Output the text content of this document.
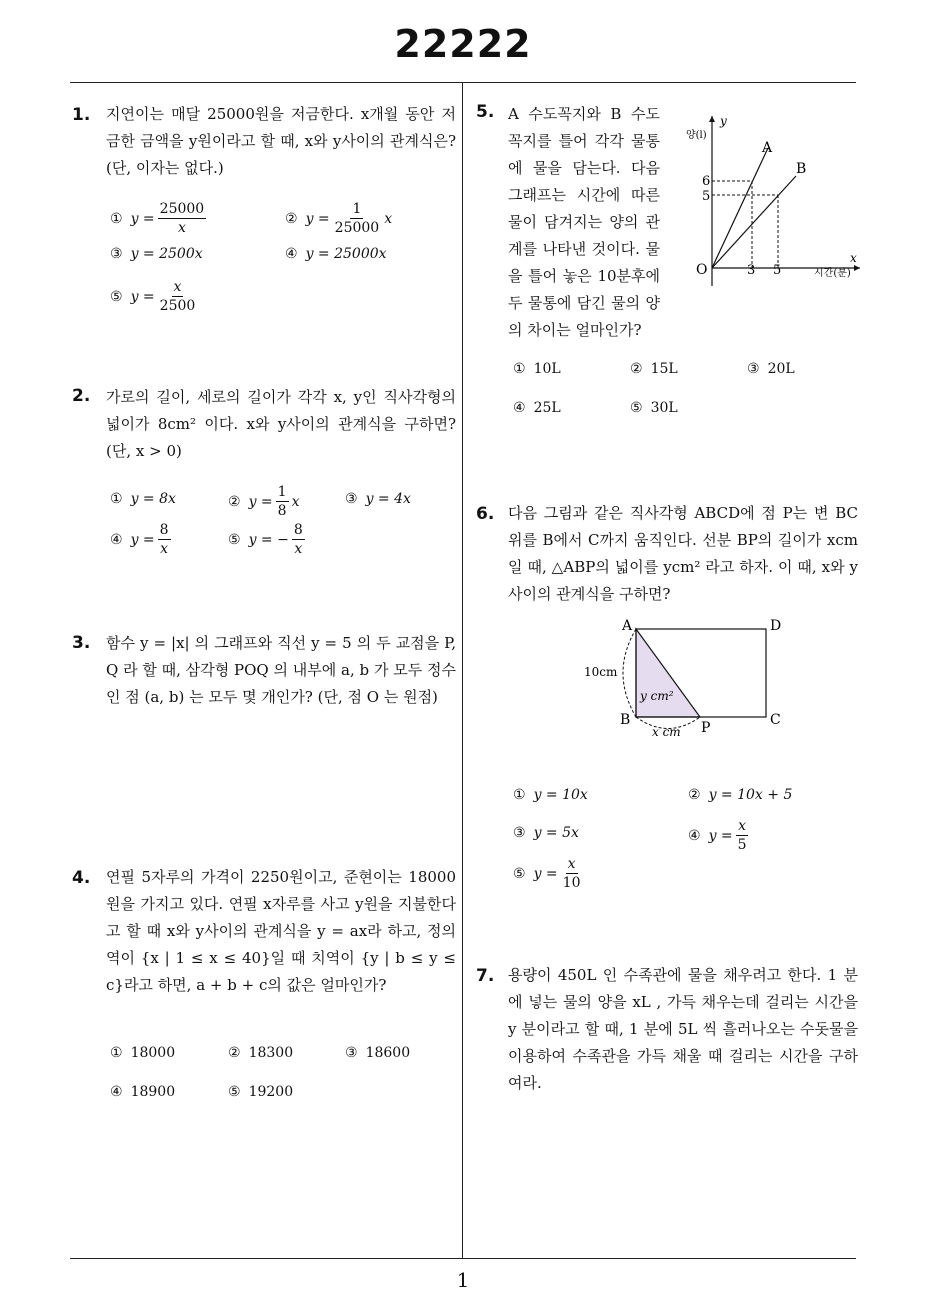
22222
1
1. 지연이는 매달 25000원을 저금한다. x개월 동안 저금한 금액을 y원이라고 할 때, x와 y사이의 관계식은?(단, 이자는 없다.)
① $y = \frac{25000}{x}$	② $y = \frac{1}{25000}$ x
③ y = 2500x	④ y = 25000x
⑤ $y = \frac{x}{2500}$
2. 가로의 길이, 세로의 길이가 각각 x, y인 직사각형의 넓이가 8cm² 이다. x와 y사이의 관계식을 구하면? (단, x > 0)
① y = 8x	② $y = \frac{1}{8}$ x	③ y = 4x
④ $y = \frac{8}{x}$	⑤ y = − $\frac{8}{x}$
3. 함수 y = |x| 의 그래프와 직선 y = 5 의 두 교점을 P, Q 라 할 때, 삼각형 POQ 의 내부에 a, b 가 모두 정수인 점 (a, b) 는 모두 몇 개인가? (단, 점 O 는 원점)
4. 연필 5자루의 가격이 2250원이고, 준현이는 18000원을 가지고 있다. 연필 x자루를 사고 y원을 지불한다고 할 때 x와 y사이의 관계식을 y = ax라 하고, 정의역이 {x | 1 ≤ x ≤ 40}일 때 치역이 {y | b ≤ y ≤ c}라고 하면, a + b + c의 값은 얼마인가?
① 18000	② 18300	③ 18600
④ 18900	⑤ 19200
5. A 수도꼭지와 B 수도꼭지를 틀어 각각 물통에 물을 담는다. 다음 그래프는 시간에 따른 물이 담겨지는 양의 관계를 나타낸 것이다. 물을 틀어 놓은 10분후에 두 물통에 담긴 물의 양의 차이는 얼마인가?
y
양(l)
x
시간(분)
O
A
B
6
5
3 5
① 10L	② 15L	③ 20L
④ 25L	⑤ 30L
6. 다음 그림과 같은 직사각형 ABCD에 점 P는 변 BC 위를 B에서 C까지 움직인다. 선분 BP의 길이가 xcm 일 때, △ABP의 넓이를 ycm² 라고 하자. 이 때, x와 y사이의 관계식을 구하면?
A	D
B	C
P
10cm
x cm
y cm²
① y = 10x	② y = 10x + 5
③ y = 5x	④ $y = \frac{x}{5}$
⑤ $y = \frac{x}{10}$
7. 용량이 450L 인 수족관에 물을 채우려고 한다. 1 분에 넣는 물의 양을 xL , 가득 채우는데 걸리는 시간을 y 분이라고 할 때, 1 분에 5L 씩 흘러나오는 수돗물을 이용하여 수족관을 가득 채울 때 걸리는 시간을 구하여라.
